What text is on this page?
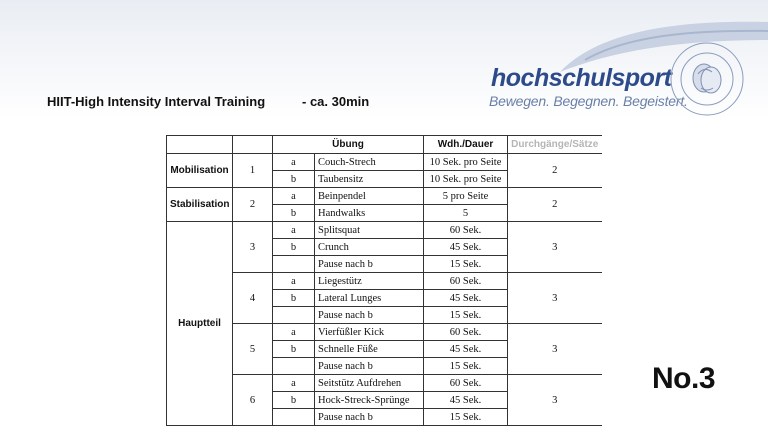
hochschulsport
Bewegen. Begegnen. Begeistert.
HIIT-High Intensity Interval Training	- ca. 30min
		Übung		Wdh./Dauer	Durchgänge/Sätze
Mobilisation	1	a	Couch-Strech	10 Sek. pro Seite	2
		b	Taubensitz	10 Sek. pro Seite	
Stabilisation	2	a	Beinpendel	5 pro Seite	2
		b	Handwalks	5	
Hauptteil	3	a	Splitsquat	60 Sek.	3
		b	Crunch	45 Sek.	
			Pause nach b	15 Sek.	
	4	a	Liegestütz	60 Sek.	3
		b	Lateral Lunges	45 Sek.	
			Pause nach b	15 Sek.	
	5	a	Vierfüßler Kick	60 Sek.	3
		b	Schnelle Füße	45 Sek.	
			Pause nach b	15 Sek.	
	6	a	Seitstütz Aufdrehen	60 Sek.	3
		b	Hock-Streck-Sprünge	45 Sek.	
			Pause nach b	15 Sek.	
No.3
